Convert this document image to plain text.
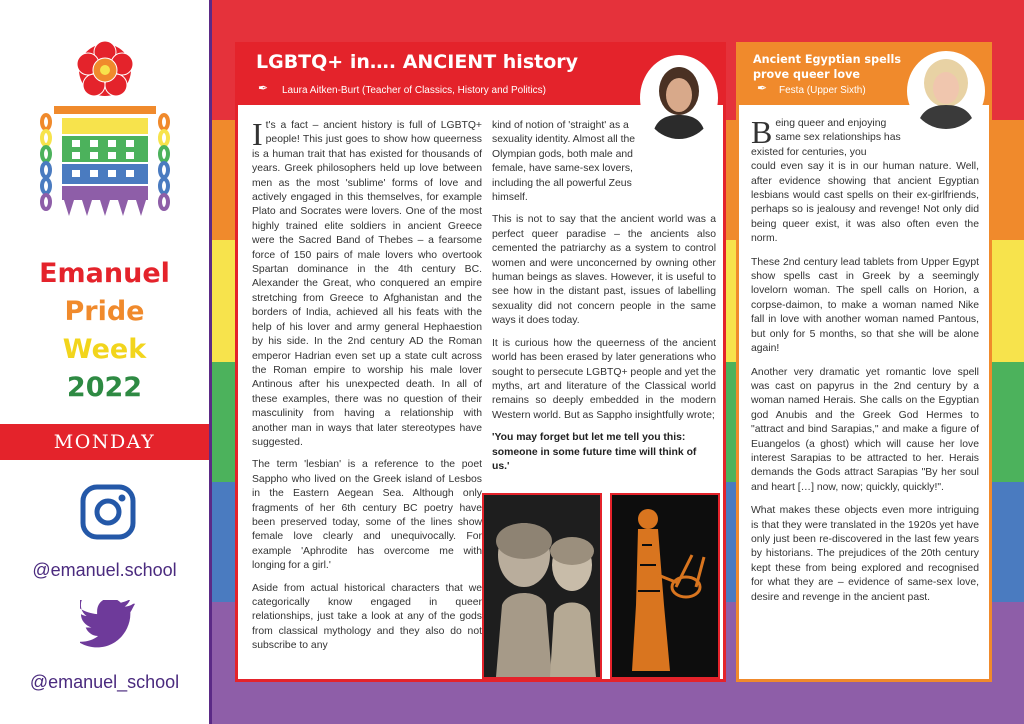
Emanuel
Pride
Week
2022
MONDAY
@emanuel.school
@emanuel_school
LGBTQ+ in…. ANCIENT history
✒ Laura Aitken-Burt (Teacher of Classics, History and Politics)

It's a fact – ancient history is full of LGBTQ+ people! This just goes to show how queerness is a human trait that has existed for thousands of years. Greek philosophers held up love between men as the most 'sublime' forms of love and actively engaged in this themselves, for example Plato and Socrates were lovers. One of the most highly trained elite soldiers in ancient Greece were the Sacred Band of Thebes – a fearsome force of 150 pairs of male lovers who overtook Spartan dominance in the 4th century BC. Alexander the Great, who conquered an empire stretching from Greece to Afghanistan and the borders of India, achieved all his feats with the help of his lover and army general Hephaestion by his side. In the 2nd century AD the Roman emperor Hadrian even set up a state cult across the Roman empire to worship his male lover Antinous after his unexpected death. In all of these examples, there was no question of their masculinity from having a relationship with another man in ways that later stereotypes have suggested.

The term 'lesbian' is a reference to the poet Sappho who lived on the Greek island of Lesbos in the Eastern Aegean Sea. Although only fragments of her 6th century BC poetry have been preserved today, some of the lines show female love clearly and unequivocally. For example 'Aphrodite has overcome me with longing for a girl.'

Aside from actual historical characters that we categorically know engaged in queer relationships, just take a look at any of the gods from classical mythology and they also do not subscribe to any

kind of notion of 'straight' as a sexuality identity. Almost all the Olympian gods, both male and female, have same-sex lovers, including the all powerful Zeus himself.

This is not to say that the ancient world was a perfect queer paradise – the ancients also cemented the patriarchy as a system to control women and were unconcerned by owning other human beings as slaves. However, it is useful to see how in the distant past, issues of labelling sexuality did not concern people in the same ways it does today.

It is curious how the queerness of the ancient world has been erased by later generations who sought to persecute LGBTQ+ people and yet the myths, art and literature of the Classical world remains so deeply embedded in the modern Western world. But as Sappho insightfully wrote;

'You may forget but let me tell you this: someone in some future time will think of us.'

Ancient Egyptian spells prove queer love
✒ Festa (Upper Sixth)

Being queer and enjoying same sex relationships has existed for centuries, you

could even say it is in our human nature. Well, after evidence showing that ancient Egyptian lesbians would cast spells on their ex-girlfriends, perhaps so is jealousy and revenge! Not only did being queer exist, it was also often even the norm.

These 2nd century lead tablets from Upper Egypt show spells cast in Greek by a seemingly lovelorn woman. The spell calls on Horion, a corpse-daimon, to make a woman named Nike fall in love with another woman named Pantous, but only for 5 months, so that she will be alone again!

Another very dramatic yet romantic love spell was cast on papyrus in the 2nd century by a woman named Herais. She calls on the Egyptian god Anubis and the Greek God Hermes to "attract and bind Sarapias," and make a figure of Euangelos (a ghost) which will cause her love interest Sarapias to be attracted to her. Herais demands the Gods attract Sarapias "By her soul and heart […] now, now; quickly, quickly!".

What makes these objects even more intriguing is that they were translated in the 1920s yet have only just been re-discovered in the last few years by historians. The prejudices of the 20th century kept these from being explored and recognised for what they are – evidence of same-sex love, desire and revenge in the ancient past.
